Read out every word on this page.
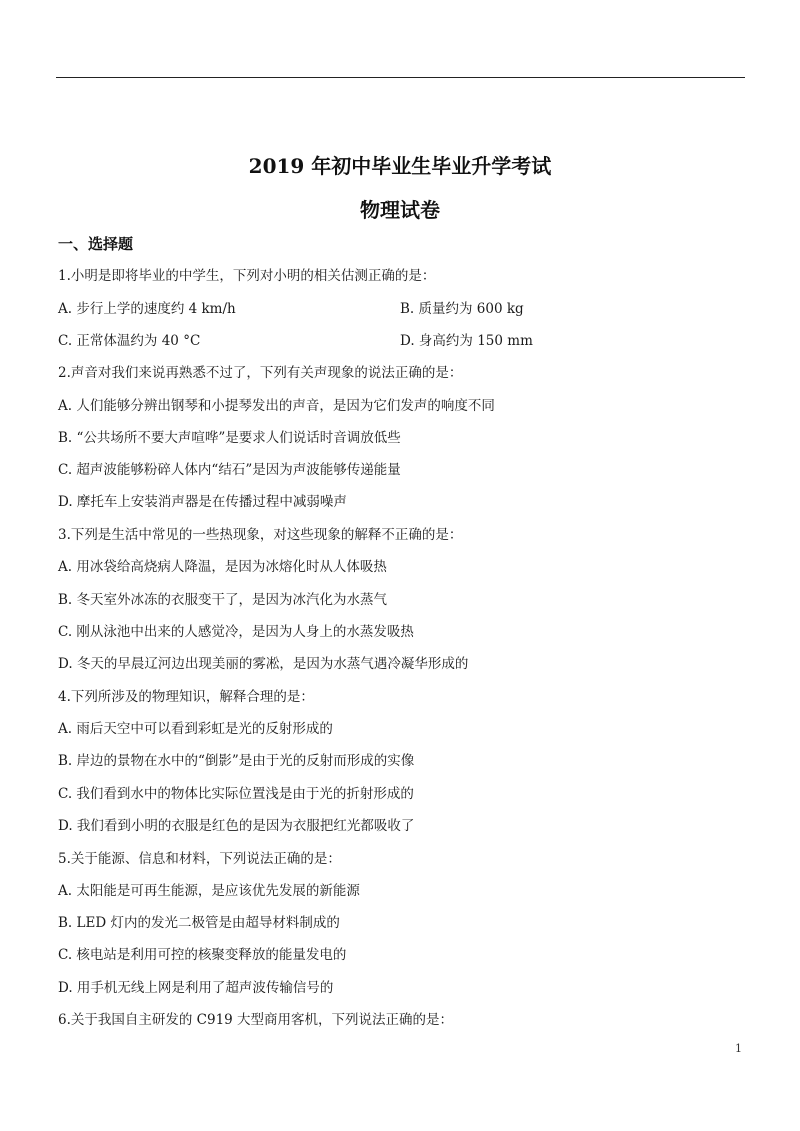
2019 年初中毕业生毕业升学考试
物理试卷
一、选择题
1.小明是即将毕业的中学生，下列对小明的相关估测正确的是：
A. 步行上学的速度约 4 km/h	B. 质量约为 600 kg
C. 正常体温约为 40 °C	D. 身高约为 150 mm
2.声音对我们来说再熟悉不过了，下列有关声现象的说法正确的是：
A. 人们能够分辨出钢琴和小提琴发出的声音，是因为它们发声的响度不同
B. “公共场所不要大声喧哗”是要求人们说话时音调放低些
C. 超声波能够粉碎人体内“结石”是因为声波能够传递能量
D. 摩托车上安装消声器是在传播过程中减弱噪声
3.下列是生活中常见的一些热现象，对这些现象的解释不正确的是：
A. 用冰袋给高烧病人降温，是因为冰熔化时从人体吸热
B. 冬天室外冰冻的衣服变干了，是因为冰汽化为水蒸气
C. 刚从泳池中出来的人感觉冷，是因为人身上的水蒸发吸热
D. 冬天的早晨辽河边出现美丽的雾凇，是因为水蒸气遇冷凝华形成的
4.下列所涉及的物理知识，解释合理的是：
A. 雨后天空中可以看到彩虹是光的反射形成的
B. 岸边的景物在水中的“倒影”是由于光的反射而形成的实像
C. 我们看到水中的物体比实际位置浅是由于光的折射形成的
D. 我们看到小明的衣服是红色的是因为衣服把红光都吸收了
5.关于能源、信息和材料，下列说法正确的是：
A. 太阳能是可再生能源，是应该优先发展的新能源
B. LED 灯内的发光二极管是由超导材料制成的
C. 核电站是利用可控的核聚变释放的能量发电的
D. 用手机无线上网是利用了超声波传输信号的
6.关于我国自主研发的 C919 大型商用客机，下列说法正确的是：
1
